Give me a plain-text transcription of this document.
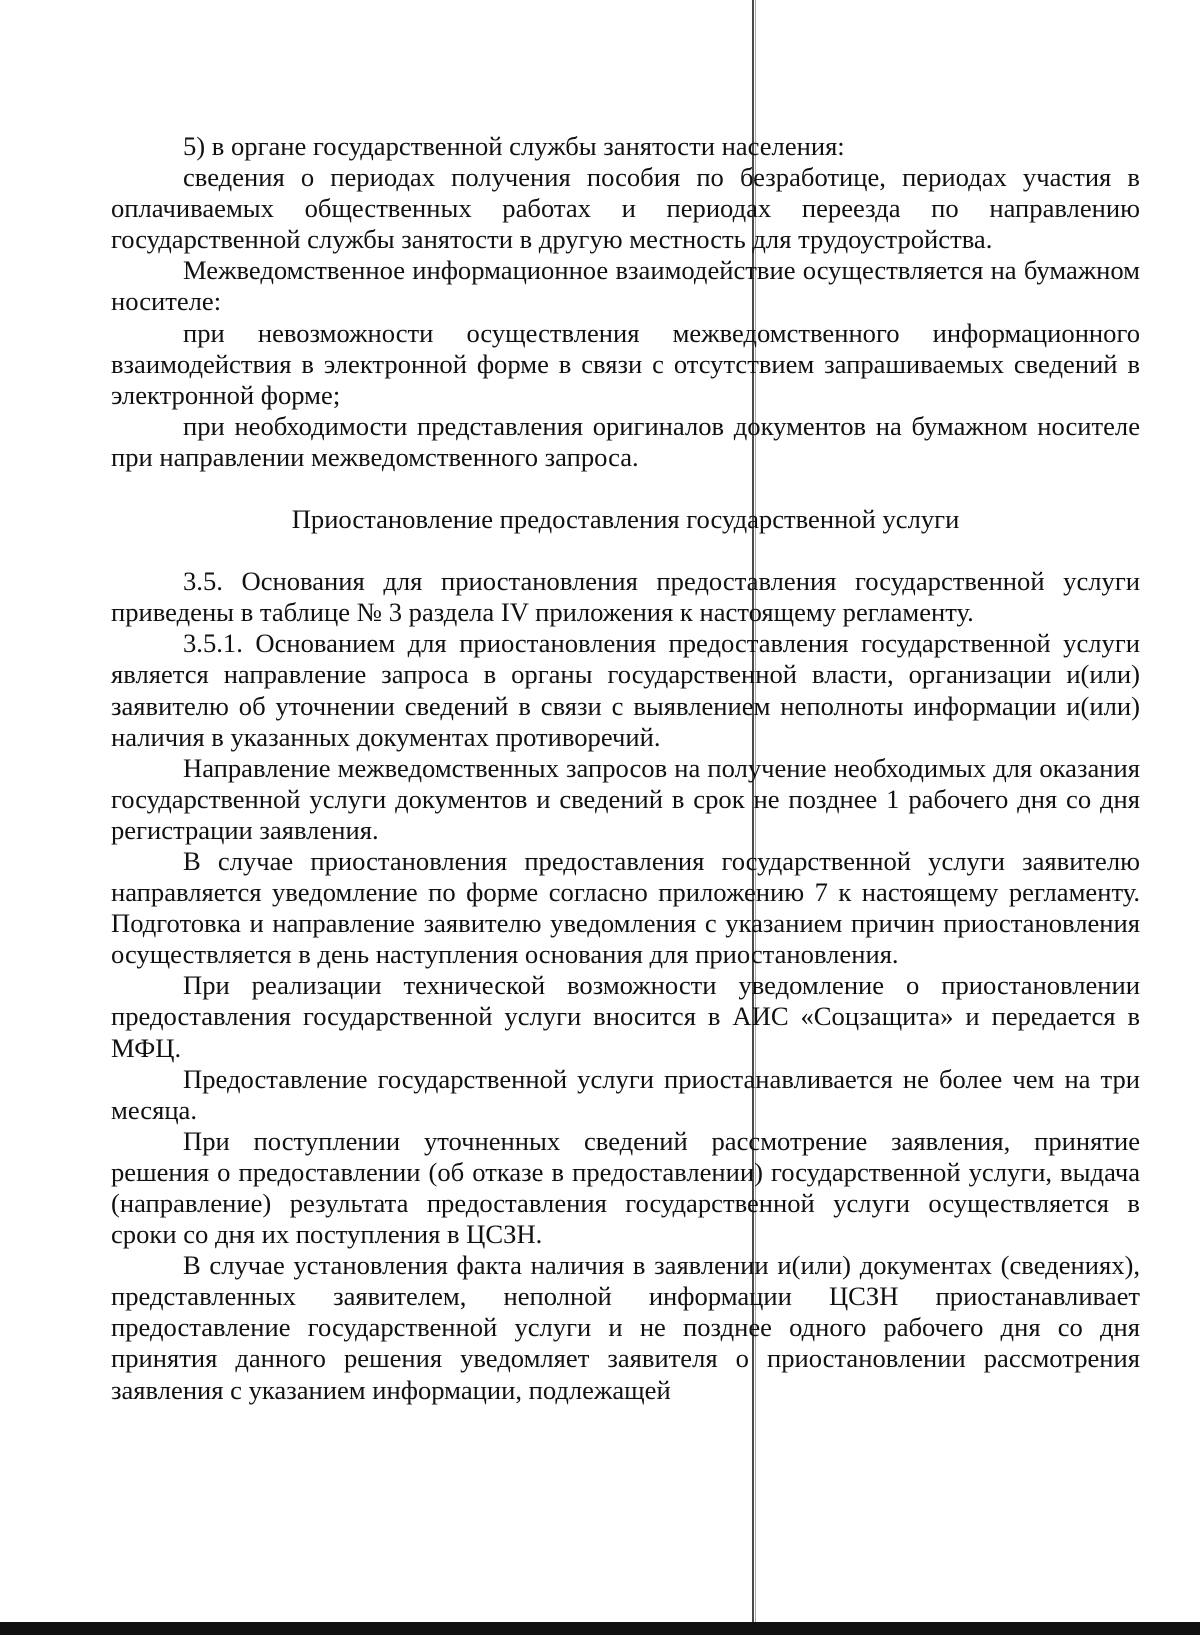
5) в органе государственной службы занятости населения:

сведения о периодах получения пособия по безработице, периодах участия в оплачиваемых общественных работах и периодах переезда по направлению государственной службы занятости в другую местность для трудоустройства.

Межведомственное информационное взаимодействие осуществляется на бумажном носителе:

при невозможности осуществления межведомственного информационного взаимодействия в электронной форме в связи с отсутствием запрашиваемых сведений в электронной форме;

при необходимости представления оригиналов документов на бумажном носителе при направлении межведомственного запроса.

Приостановление предоставления государственной услуги

3.5. Основания для приостановления предоставления государственной услуги приведены в таблице № 3 раздела IV приложения к настоящему регламенту.

3.5.1. Основанием для приостановления предоставления государственной услуги является направление запроса в органы государственной власти, организации и(или) заявителю об уточнении сведений в связи с выявлением неполноты информации и(или) наличия в указанных документах противоречий.

Направление межведомственных запросов на получение необходимых для оказания государственной услуги документов и сведений в срок не позднее 1 рабочего дня со дня регистрации заявления.

В случае приостановления предоставления государственной услуги заявителю направляется уведомление по форме согласно приложению 7 к настоящему регламенту. Подготовка и направление заявителю уведомления с указанием причин приостановления осуществляется в день наступления основания для приостановления.

При реализации технической возможности уведомление о приостановлении предоставления государственной услуги вносится в АИС «Соцзащита» и передается в МФЦ.

Предоставление государственной услуги приостанавливается не более чем на три месяца.

При поступлении уточненных сведений рассмотрение заявления, принятие решения о предоставлении (об отказе в предоставлении) государственной услуги, выдача (направление) результата предоставления государственной услуги осуществляется в сроки со дня их поступления в ЦСЗН.

В случае установления факта наличия в заявлении и(или) документах (сведениях), представленных заявителем, неполной информации ЦСЗН приостанавливает предоставление государственной услуги и не позднее одного рабочего дня со дня принятия данного решения уведомляет заявителя о приостановлении рассмотрения заявления с указанием информации, подлежащей
